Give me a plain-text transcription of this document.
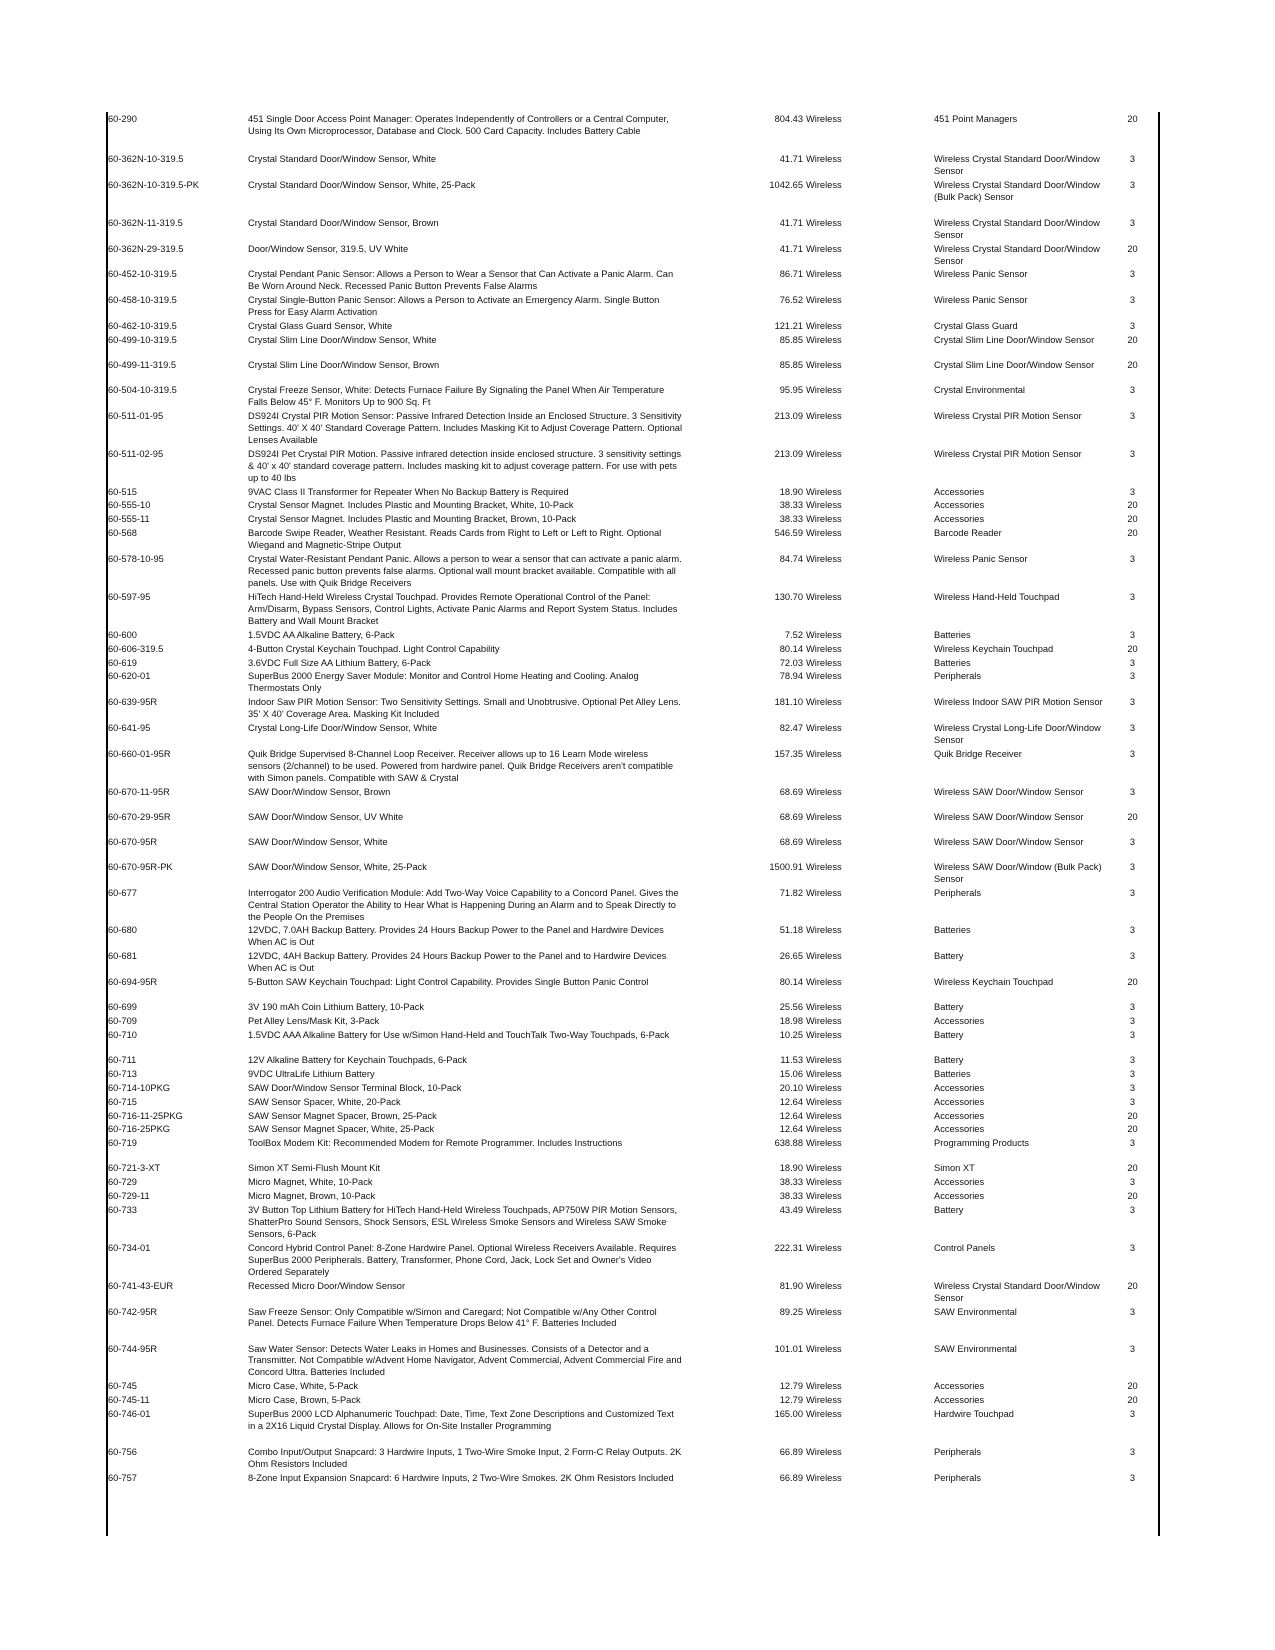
60-290	451 Single Door Access Point Manager: Operates Independently of Controllers or a Central Computer, Using Its Own Microprocessor, Database and Clock. 500 Card Capacity. Includes Battery Cable	804.43	Wireless	451 Point Managers	20
60-362N-10-319.5	Crystal Standard Door/Window Sensor, White	41.71	Wireless	Wireless Crystal Standard Door/Window Sensor	3
60-362N-10-319.5-PK	Crystal Standard Door/Window Sensor, White, 25-Pack	1042.65	Wireless	Wireless Crystal Standard Door/Window (Bulk Pack) Sensor	3
60-362N-11-319.5	Crystal Standard Door/Window Sensor, Brown	41.71	Wireless	Wireless Crystal Standard Door/Window Sensor	3
60-362N-29-319.5	Door/Window Sensor, 319.5, UV White	41.71	Wireless	Wireless Crystal Standard Door/Window Sensor	20
60-452-10-319.5	Crystal Pendant Panic Sensor: Allows a Person to Wear a Sensor that Can Activate a Panic Alarm. Can Be Worn Around Neck. Recessed Panic Button Prevents False Alarms	86.71	Wireless	Wireless Panic Sensor	3
60-458-10-319.5	Crystal Single-Button Panic Sensor: Allows a Person to Activate an Emergency Alarm. Single Button Press for Easy Alarm Activation	76.52	Wireless	Wireless Panic Sensor	3
60-462-10-319.5	Crystal Glass Guard Sensor, White	121.21	Wireless	Crystal Glass Guard	3
60-499-10-319.5	Crystal Slim Line Door/Window Sensor, White	85.85	Wireless	Crystal Slim Line Door/Window Sensor	20
60-499-11-319.5	Crystal Slim Line Door/Window Sensor, Brown	85.85	Wireless	Crystal Slim Line Door/Window Sensor	20
60-504-10-319.5	Crystal Freeze Sensor, White: Detects Furnace Failure By Signaling the Panel When Air Temperature Falls Below 45° F. Monitors Up to 900 Sq. Ft	95.95	Wireless	Crystal Environmental	3
60-511-01-95	DS924I Crystal PIR Motion Sensor: Passive Infrared Detection Inside an Enclosed Structure. 3 Sensitivity Settings. 40' X 40' Standard Coverage Pattern. Includes Masking Kit to Adjust Coverage Pattern. Optional Lenses Available	213.09	Wireless	Wireless Crystal PIR Motion Sensor	3
60-511-02-95	DS924I Pet Crystal PIR Motion. Passive infrared detection inside enclosed structure. 3 sensitivity settings & 40' x 40' standard coverage pattern. Includes masking kit to adjust coverage pattern. For use with pets up to 40 lbs	213.09	Wireless	Wireless Crystal PIR Motion Sensor	3
60-515	9VAC Class II Transformer for Repeater When No Backup Battery is Required	18.90	Wireless	Accessories	3
60-555-10	Crystal Sensor Magnet. Includes Plastic and Mounting Bracket, White, 10-Pack	38.33	Wireless	Accessories	20
60-555-11	Crystal Sensor Magnet. Includes Plastic and Mounting Bracket, Brown, 10-Pack	38.33	Wireless	Accessories	20
60-568	Barcode Swipe Reader, Weather Resistant. Reads Cards from Right to Left or Left to Right. Optional Wiegand and Magnetic-Stripe Output	546.59	Wireless	Barcode Reader	20
60-578-10-95	Crystal Water-Resistant Pendant Panic. Allows a person to wear a sensor that can activate a panic alarm. Recessed panic button prevents false alarms. Optional wall mount bracket available. Compatible with all panels. Use with Quik Bridge Receivers	84.74	Wireless	Wireless Panic Sensor	3
60-597-95	HiTech Hand-Held Wireless Crystal Touchpad. Provides Remote Operational Control of the Panel: Arm/Disarm, Bypass Sensors, Control Lights, Activate Panic Alarms and Report System Status. Includes Battery and Wall Mount Bracket	130.70	Wireless	Wireless Hand-Held Touchpad	3
60-600	1.5VDC AA Alkaline Battery, 6-Pack	7.52	Wireless	Batteries	3
60-606-319.5	4-Button Crystal Keychain Touchpad. Light Control Capability	80.14	Wireless	Wireless Keychain Touchpad	20
60-619	3.6VDC Full Size AA Lithium Battery, 6-Pack	72.03	Wireless	Batteries	3
60-620-01	SuperBus 2000 Energy Saver Module: Monitor and Control Home Heating and Cooling. Analog Thermostats Only	78.94	Wireless	Peripherals	3
60-639-95R	Indoor Saw PIR Motion Sensor: Two Sensitivity Settings. Small and Unobtrusive. Optional Pet Alley Lens. 35' X 40' Coverage Area. Masking Kit Included	181.10	Wireless	Wireless Indoor SAW PIR Motion Sensor	3
60-641-95	Crystal Long-Life Door/Window Sensor, White	82.47	Wireless	Wireless Crystal Long-Life Door/Window Sensor	3
60-660-01-95R	Quik Bridge Supervised 8-Channel Loop Receiver. Receiver allows up to 16 Learn Mode wireless sensors (2/channel) to be used. Powered from hardwire panel. Quik Bridge Receivers aren't compatible with Simon panels. Compatible with SAW & Crystal	157.35	Wireless	Quik Bridge Receiver	3
60-670-11-95R	SAW Door/Window Sensor, Brown	68.69	Wireless	Wireless SAW Door/Window Sensor	3
60-670-29-95R	SAW Door/Window Sensor, UV White	68.69	Wireless	Wireless SAW Door/Window Sensor	20
60-670-95R	SAW Door/Window Sensor, White	68.69	Wireless	Wireless SAW Door/Window Sensor	3
60-670-95R-PK	SAW Door/Window Sensor, White, 25-Pack	1500.91	Wireless	Wireless SAW Door/Window (Bulk Pack) Sensor	3
60-677	Interrogator 200 Audio Verification Module: Add Two-Way Voice Capability to a Concord Panel. Gives the Central Station Operator the Ability to Hear What is Happening During an Alarm and to Speak Directly to the People On the Premises	71.82	Wireless	Peripherals	3
60-680	12VDC, 7.0AH Backup Battery. Provides 24 Hours Backup Power to the Panel and Hardwire Devices When AC is Out	51.18	Wireless	Batteries	3
60-681	12VDC, 4AH Backup Battery. Provides 24 Hours Backup Power to the Panel and to Hardwire Devices When AC is Out	26.65	Wireless	Battery	3
60-694-95R	5-Button SAW Keychain Touchpad: Light Control Capability. Provides Single Button Panic Control	80.14	Wireless	Wireless Keychain Touchpad	20
60-699	3V 190 mAh Coin Lithium Battery, 10-Pack	25.56	Wireless	Battery	3
60-709	Pet Alley Lens/Mask Kit, 3-Pack	18.98	Wireless	Accessories	3
60-710	1.5VDC AAA Alkaline Battery for Use w/Simon Hand-Held and TouchTalk Two-Way Touchpads, 6-Pack	10.25	Wireless	Battery	3
60-711	12V Alkaline Battery for Keychain Touchpads, 6-Pack	11.53	Wireless	Battery	3
60-713	9VDC UltraLife Lithium Battery	15.06	Wireless	Batteries	3
60-714-10PKG	SAW Door/Window Sensor Terminal Block, 10-Pack	20.10	Wireless	Accessories	3
60-715	SAW Sensor Spacer, White, 20-Pack	12.64	Wireless	Accessories	3
60-716-11-25PKG	SAW Sensor Magnet Spacer, Brown, 25-Pack	12.64	Wireless	Accessories	20
60-716-25PKG	SAW Sensor Magnet Spacer, White, 25-Pack	12.64	Wireless	Accessories	20
60-719	ToolBox Modem Kit: Recommended Modem for Remote Programmer. Includes Instructions	638.88	Wireless	Programming Products	3
60-721-3-XT	Simon XT Semi-Flush Mount Kit	18.90	Wireless	Simon XT	20
60-729	Micro Magnet, White, 10-Pack	38.33	Wireless	Accessories	3
60-729-11	Micro Magnet, Brown, 10-Pack	38.33	Wireless	Accessories	20
60-733	3V Button Top Lithium Battery for HiTech Hand-Held Wireless Touchpads, AP750W PIR Motion Sensors, ShatterPro Sound Sensors, Shock Sensors, ESL Wireless Smoke Sensors and Wireless SAW Smoke Sensors, 6-Pack	43.49	Wireless	Battery	3
60-734-01	Concord Hybrid Control Panel: 8-Zone Hardwire Panel. Optional Wireless Receivers Available. Requires SuperBus 2000 Peripherals. Battery, Transformer, Phone Cord, Jack, Lock Set and Owner's Video Ordered Separately	222.31	Wireless	Control Panels	3
60-741-43-EUR	Recessed Micro Door/Window Sensor	81.90	Wireless	Wireless Crystal Standard Door/Window Sensor	20
60-742-95R	Saw Freeze Sensor: Only Compatible w/Simon and Caregard; Not Compatible w/Any Other Control Panel. Detects Furnace Failure When Temperature Drops Below 41° F. Batteries Included	89.25	Wireless	SAW Environmental	3
60-744-95R	Saw Water Sensor: Detects Water Leaks in Homes and Businesses. Consists of a Detector and a Transmitter. Not Compatible w/Advent Home Navigator, Advent Commercial, Advent Commercial Fire and Concord Ultra. Batteries Included	101.01	Wireless	SAW Environmental	3
60-745	Micro Case, White, 5-Pack	12.79	Wireless	Accessories	20
60-745-11	Micro Case, Brown, 5-Pack	12.79	Wireless	Accessories	20
60-746-01	SuperBus 2000 LCD Alphanumeric Touchpad: Date, Time, Text Zone Descriptions and Customized Text in a 2X16 Liquid Crystal Display. Allows for On-Site Installer Programming	165.00	Wireless	Hardwire Touchpad	3
60-756	Combo Input/Output Snapcard: 3 Hardwire Inputs, 1 Two-Wire Smoke Input, 2 Form-C Relay Outputs. 2K Ohm Resistors Included	66.89	Wireless	Peripherals	3
60-757	8-Zone Input Expansion Snapcard: 6 Hardwire Inputs, 2 Two-Wire Smokes. 2K Ohm Resistors Included	66.89	Wireless	Peripherals	3
